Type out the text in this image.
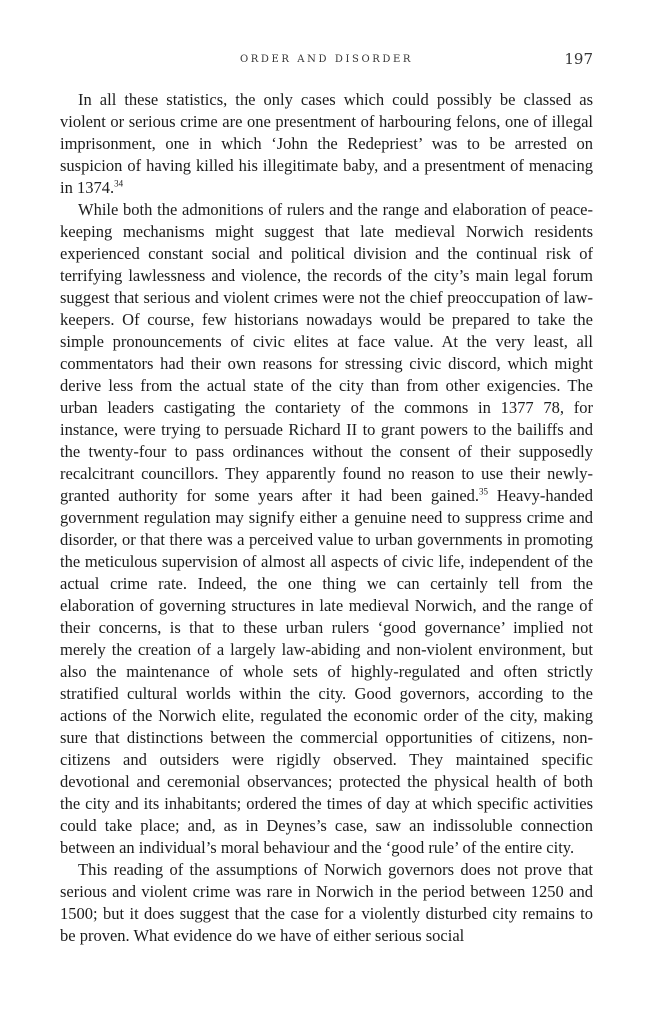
ORDER AND DISORDER	197

In all these statistics, the only cases which could possibly be classed as violent or serious crime are one presentment of harbouring felons, one of illegal imprisonment, one in which ‘John the Redepriest’ was to be arrested on suspicion of having killed his illegitimate baby, and a presentment of menacing in 1374.34

While both the admonitions of rulers and the range and elaboration of peace-keeping mechanisms might suggest that late medieval Norwich residents experienced constant social and political division and the continual risk of terrifying lawlessness and violence, the records of the city’s main legal forum suggest that serious and violent crimes were not the chief preoccupation of law-keepers. Of course, few historians nowadays would be prepared to take the simple pronouncements of civic elites at face value. At the very least, all commentators had their own reasons for stressing civic discord, which might derive less from the actual state of the city than from other exigencies. The urban leaders castigating the contariety of the commons in 1377 78, for instance, were trying to persuade Richard II to grant powers to the bailiffs and the twenty-four to pass ordinances without the consent of their supposedly recalcitrant councillors. They apparently found no reason to use their newly-granted authority for some years after it had been gained.$^{35}$ Heavy-handed government regulation may signify either a genuine need to suppress crime and disorder, or that there was a perceived value to urban governments in promoting the meticulous supervision of almost all aspects of civic life, independent of the actual crime rate. Indeed, the one thing we can certainly tell from the elaboration of governing structures in late medieval Norwich, and the range of their concerns, is that to these urban rulers ‘good governance’ implied not merely the creation of a largely law-abiding and non-violent environment, but also the maintenance of whole sets of highly-regulated and often strictly stratified cultural worlds within the city. Good governors, according to the actions of the Norwich elite, regulated the economic order of the city, making sure that distinctions between the commercial opportunities of citizens, non-citizens and outsiders were rigidly observed. They maintained specific devotional and ceremonial observances; protected the physical health of both the city and its inhabitants; ordered the times of day at which specific activities could take place; and, as in Deynes’s case, saw an indissoluble connection between an individual’s moral behaviour and the ‘good rule’ of the entire city.

This reading of the assumptions of Norwich governors does not prove that serious and violent crime was rare in Norwich in the period between 1250 and 1500; but it does suggest that the case for a violently disturbed city remains to be proven. What evidence do we have of either serious social
